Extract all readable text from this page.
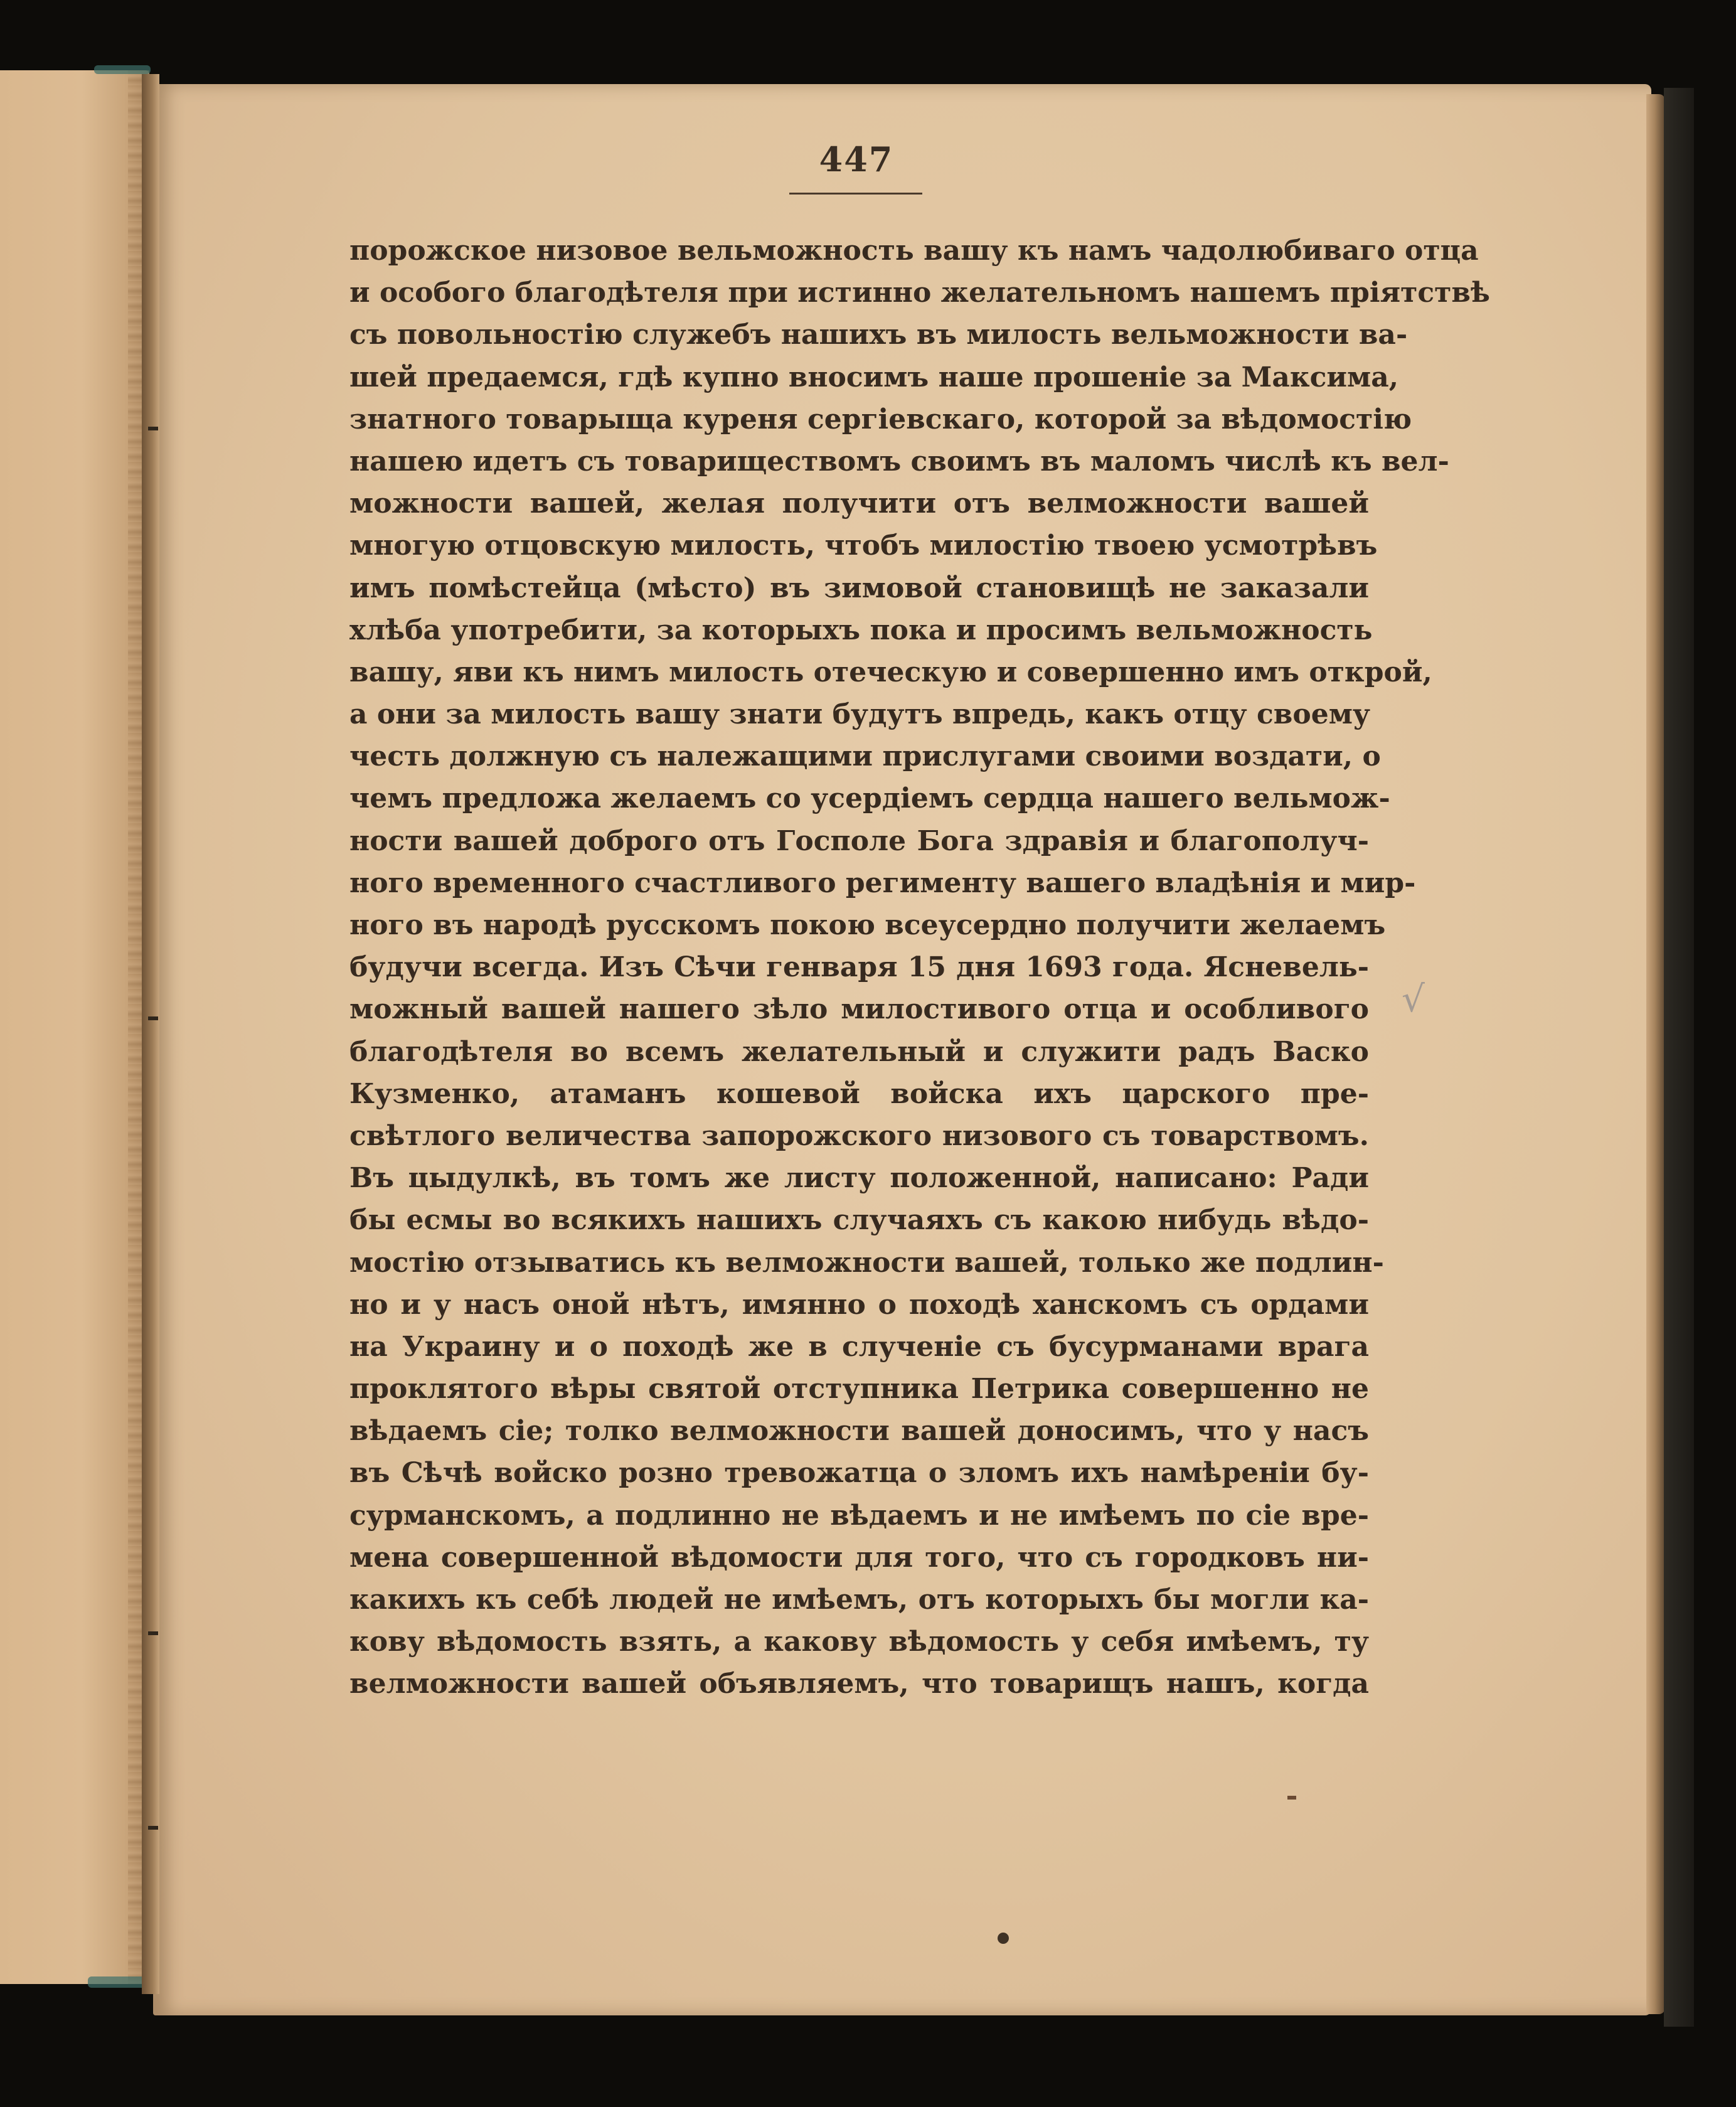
447
порожское низовое вельможность вашу къ намъ чадолюбиваго отца
и особого благодѣтеля при истинно желательномъ нашемъ пріятствѣ
съ повольностію служебъ нашихъ въ милость вельможности ва-
шей предаемся, гдѣ купно вносимъ наше прошеніе за Максима,
знатного товарыща куреня сергіевскаго, которой за вѣдомостію
нашею идетъ съ товариществомъ своимъ въ маломъ числѣ къ вел-
можности вашей, желая получити отъ велможности вашей
многую отцовскую милость, чтобъ милостію твоею усмотрѣвъ
имъ помѣстейца (мѣсто) въ зимовой становищѣ не заказали
хлѣба употребити, за которыхъ пока и просимъ вельможность
вашу, яви къ нимъ милость отеческую и совершенно имъ открой,
а они за милость вашу знати будутъ впредь, какъ отцу своему
честь должную съ належащими прислугами своими воздати, о
чемъ предложа желаемъ со усердіемъ сердца нашего вельмож-
ности вашей доброго отъ Госполе Бога здравія и благополуч-
ного временного счастливого регименту вашего владѣнія и мир-
ного въ народѣ русскомъ покою всеусердно получити желаемъ
будучи всегда. Изъ Сѣчи генваря 15 дня 1693 года. Ясневель-
можный вашей нашего зѣло милостивого отца и особливого
благодѣтеля во всемъ желательный и служити радъ Васко
Кузменко, атаманъ кошевой войска ихъ царского пре-
свѣтлого величества запорожского низового съ товарствомъ.
Въ цыдулкѣ, въ томъ же листу положенной, написано: Ради
бы есмы во всякихъ нашихъ случаяхъ съ какою нибудь вѣдо-
мостію отзыватись къ велможности вашей, только же подлин-
но и у насъ оной нѣтъ, имянно о походѣ ханскомъ съ ордами
на Украину и о походѣ же в слученіе съ бусурманами врага
проклятого вѣры святой отступника Петрика совершенно не
вѣдаемъ сіе; толко велможности вашей доносимъ, что у насъ
въ Сѣчѣ войско розно тревожатца о зломъ ихъ намѣреніи бу-
сурманскомъ, а подлинно не вѣдаемъ и не имѣемъ по сіе вре-
мена совершенной вѣдомости для того, что съ городковъ ни-
какихъ къ себѣ людей не имѣемъ, отъ которыхъ бы могли ка-
кову вѣдомость взять, а какову вѣдомость у себя имѣемъ, ту
велможности вашей объявляемъ, что товарищъ нашъ, когда
√
